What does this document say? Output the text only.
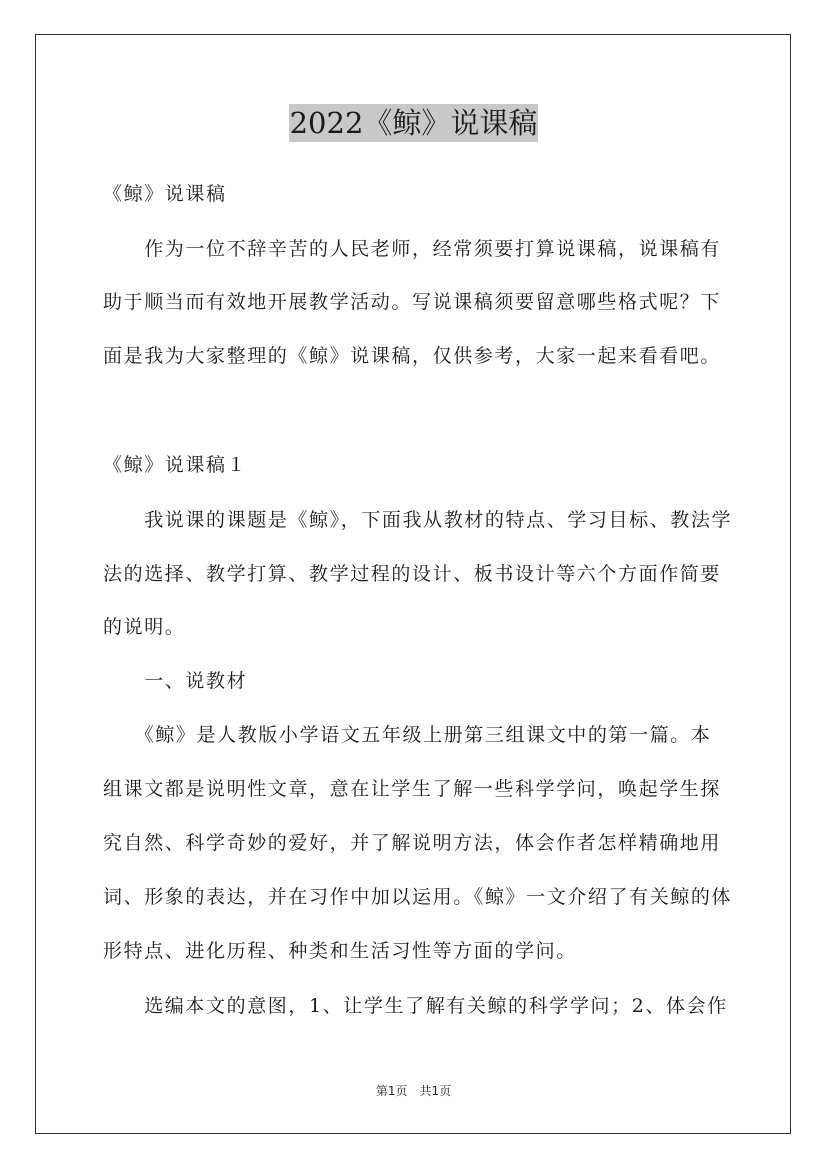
2022《鲸》说课稿
《鲸》说课稿
　　作为一位不辞辛苦的人民老师，经常须要打算说课稿，说课稿有
助于顺当而有效地开展教学活动。写说课稿须要留意哪些格式呢？下
面是我为大家整理的《鲸》说课稿，仅供参考，大家一起来看看吧。
《鲸》说课稿１
　　我说课的课题是《鲸》，下面我从教材的特点、学习目标、教法学
法的选择、教学打算、教学过程的设计、板书设计等六个方面作简要
的说明。
　　一、说教材
　　《鲸》是人教版小学语文五年级上册第三组课文中的第一篇。本
组课文都是说明性文章，意在让学生了解一些科学学问，唤起学生探
究自然、科学奇妙的爱好，并了解说明方法，体会作者怎样精确地用
词、形象的表达，并在习作中加以运用。《鲸》一文介绍了有关鲸的体
形特点、进化历程、种类和生活习性等方面的学问。
　　选编本文的意图，1、让学生了解有关鲸的科学学问；2、体会作
第1页　共1页
